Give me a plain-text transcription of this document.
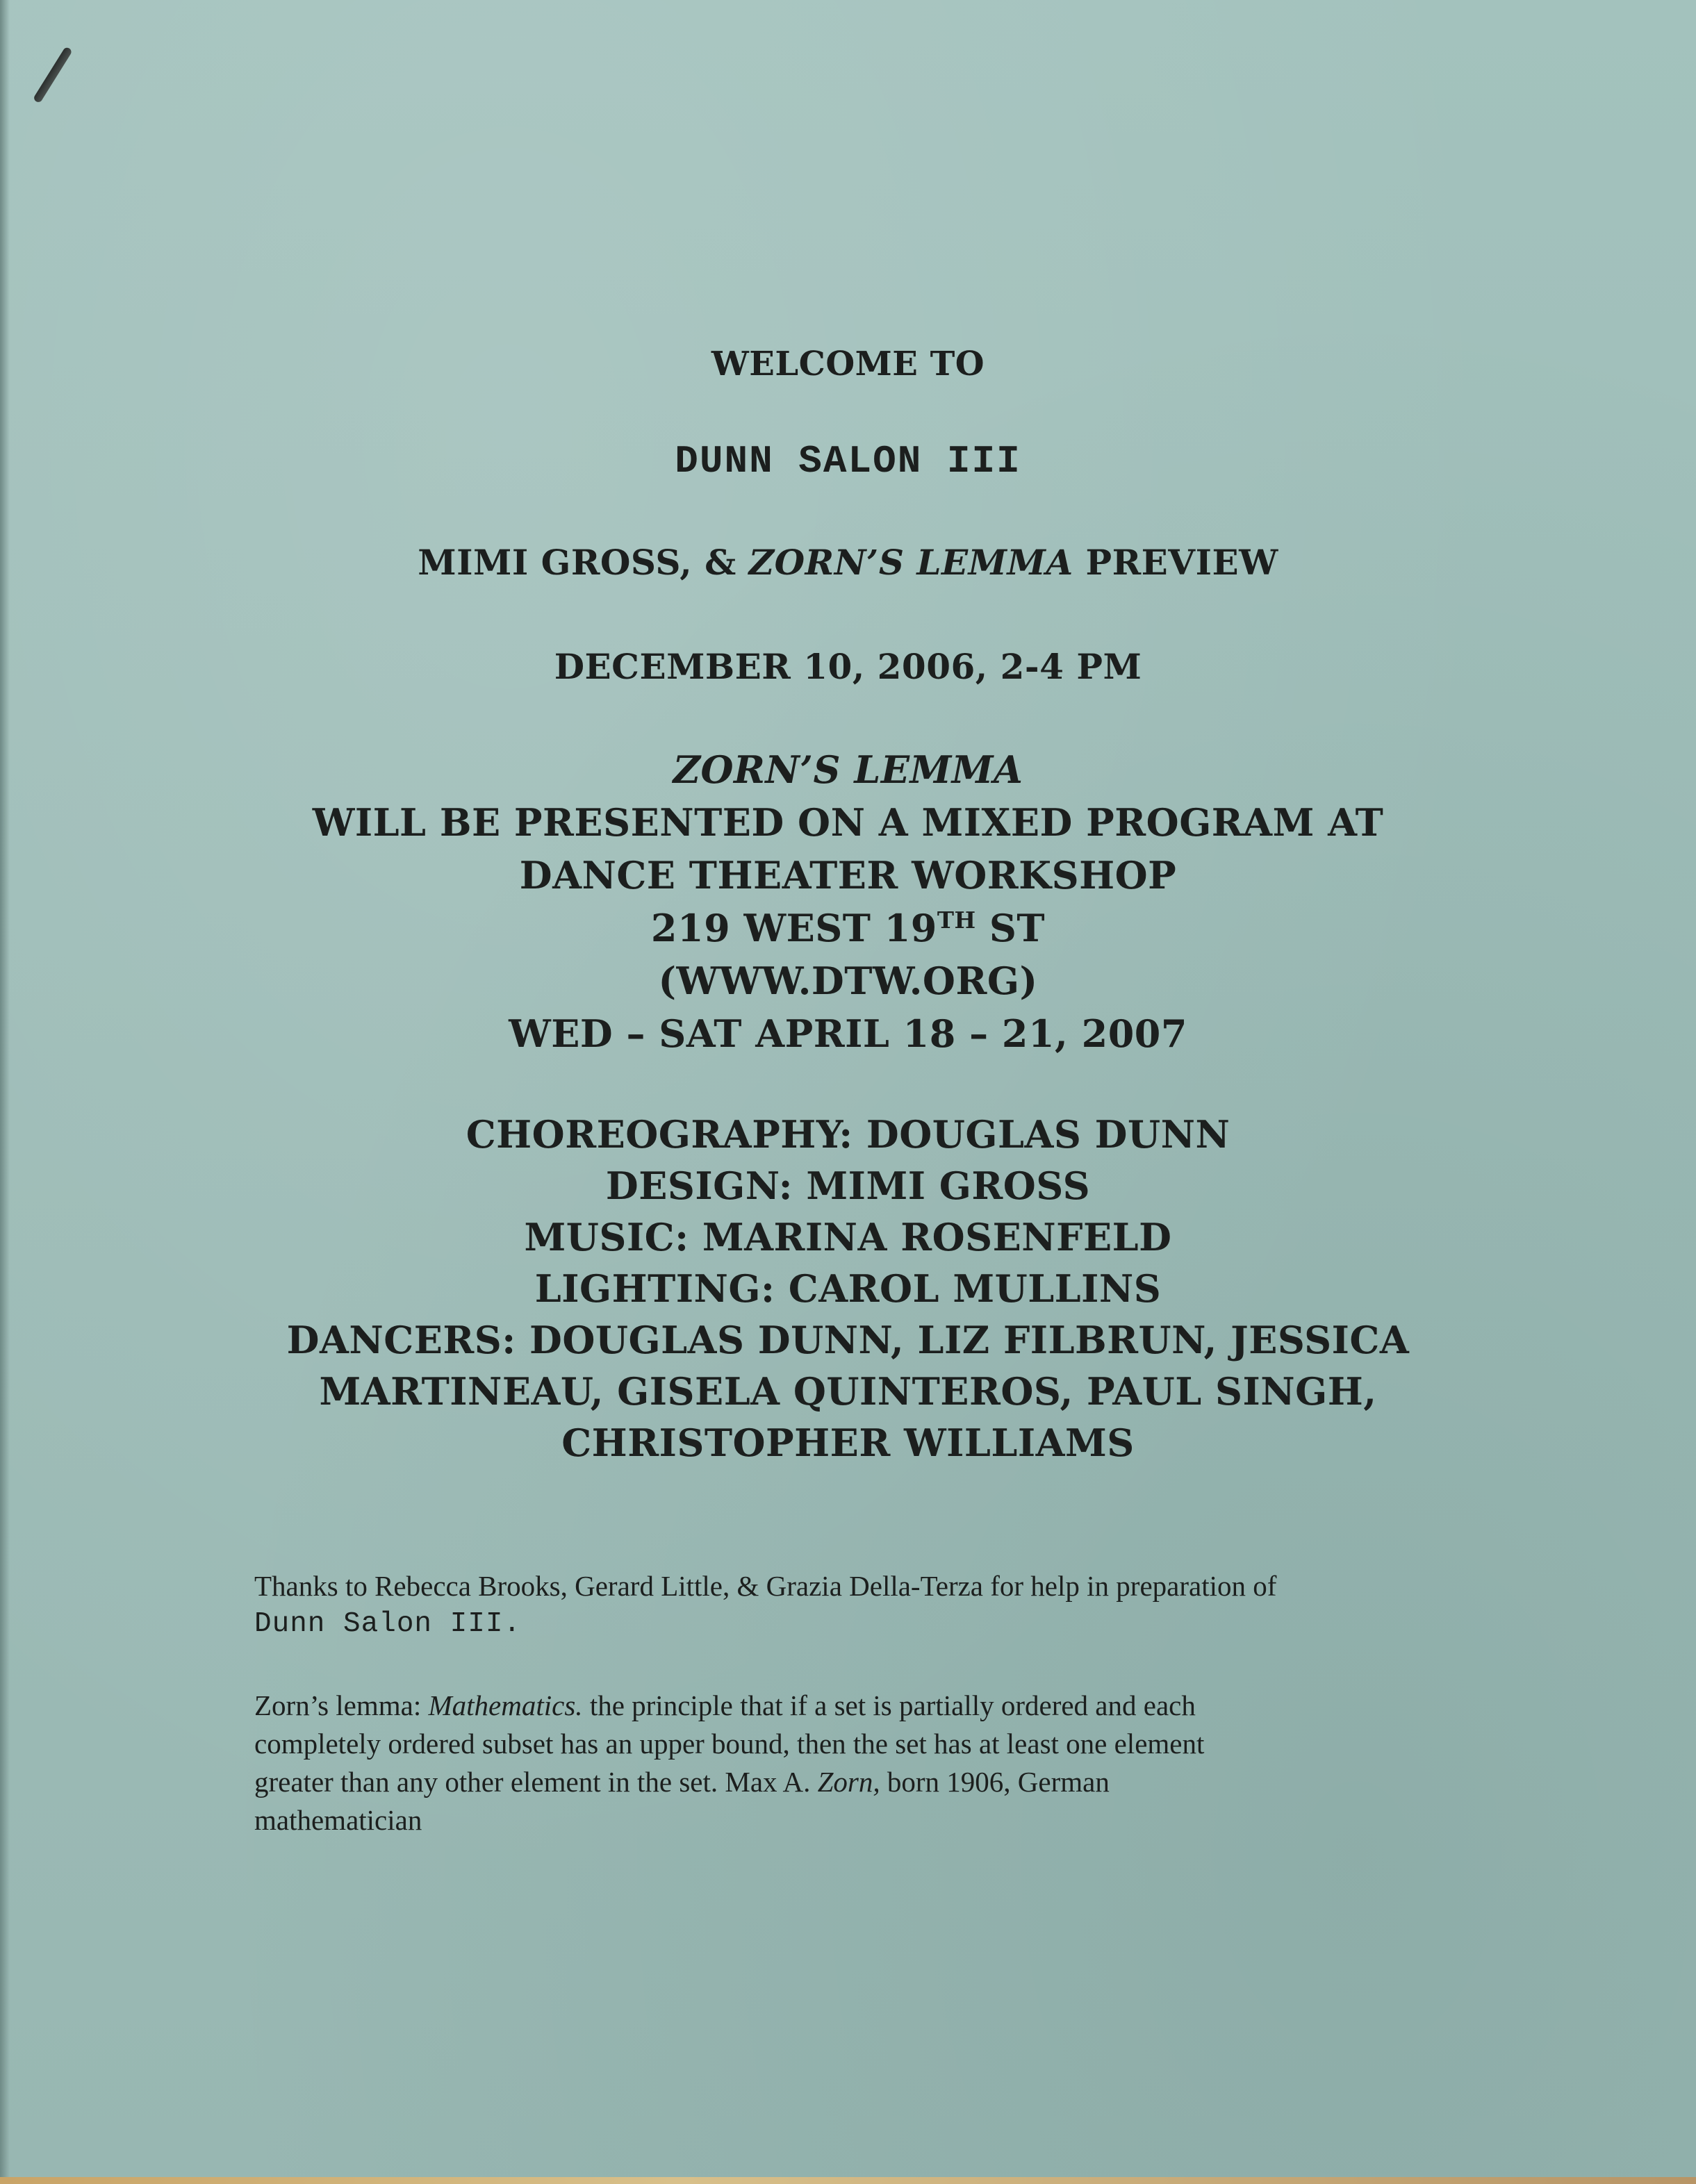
WELCOME TO
DUNN SALON III
MIMI GROSS, & ZORN’S LEMMA PREVIEW
DECEMBER 10, 2006, 2-4 PM
ZORN’S LEMMA
WILL BE PRESENTED ON A MIXED PROGRAM AT
DANCE THEATER WORKSHOP
219 WEST 19TH ST
(WWW.DTW.ORG)
WED – SAT APRIL 18 – 21, 2007
CHOREOGRAPHY: DOUGLAS DUNN
DESIGN: MIMI GROSS
MUSIC: MARINA ROSENFELD
LIGHTING: CAROL MULLINS
DANCERS: DOUGLAS DUNN, LIZ FILBRUN, JESSICA
MARTINEAU, GISELA QUINTEROS, PAUL SINGH,
CHRISTOPHER WILLIAMS
Thanks to Rebecca Brooks, Gerard Little, & Grazia Della-Terza for help in preparation of
Dunn Salon III.
Zorn’s lemma: Mathematics. the principle that if a set is partially ordered and each
completely ordered subset has an upper bound, then the set has at least one element
greater than any other element in the set. Max A. Zorn, born 1906, German
mathematician
